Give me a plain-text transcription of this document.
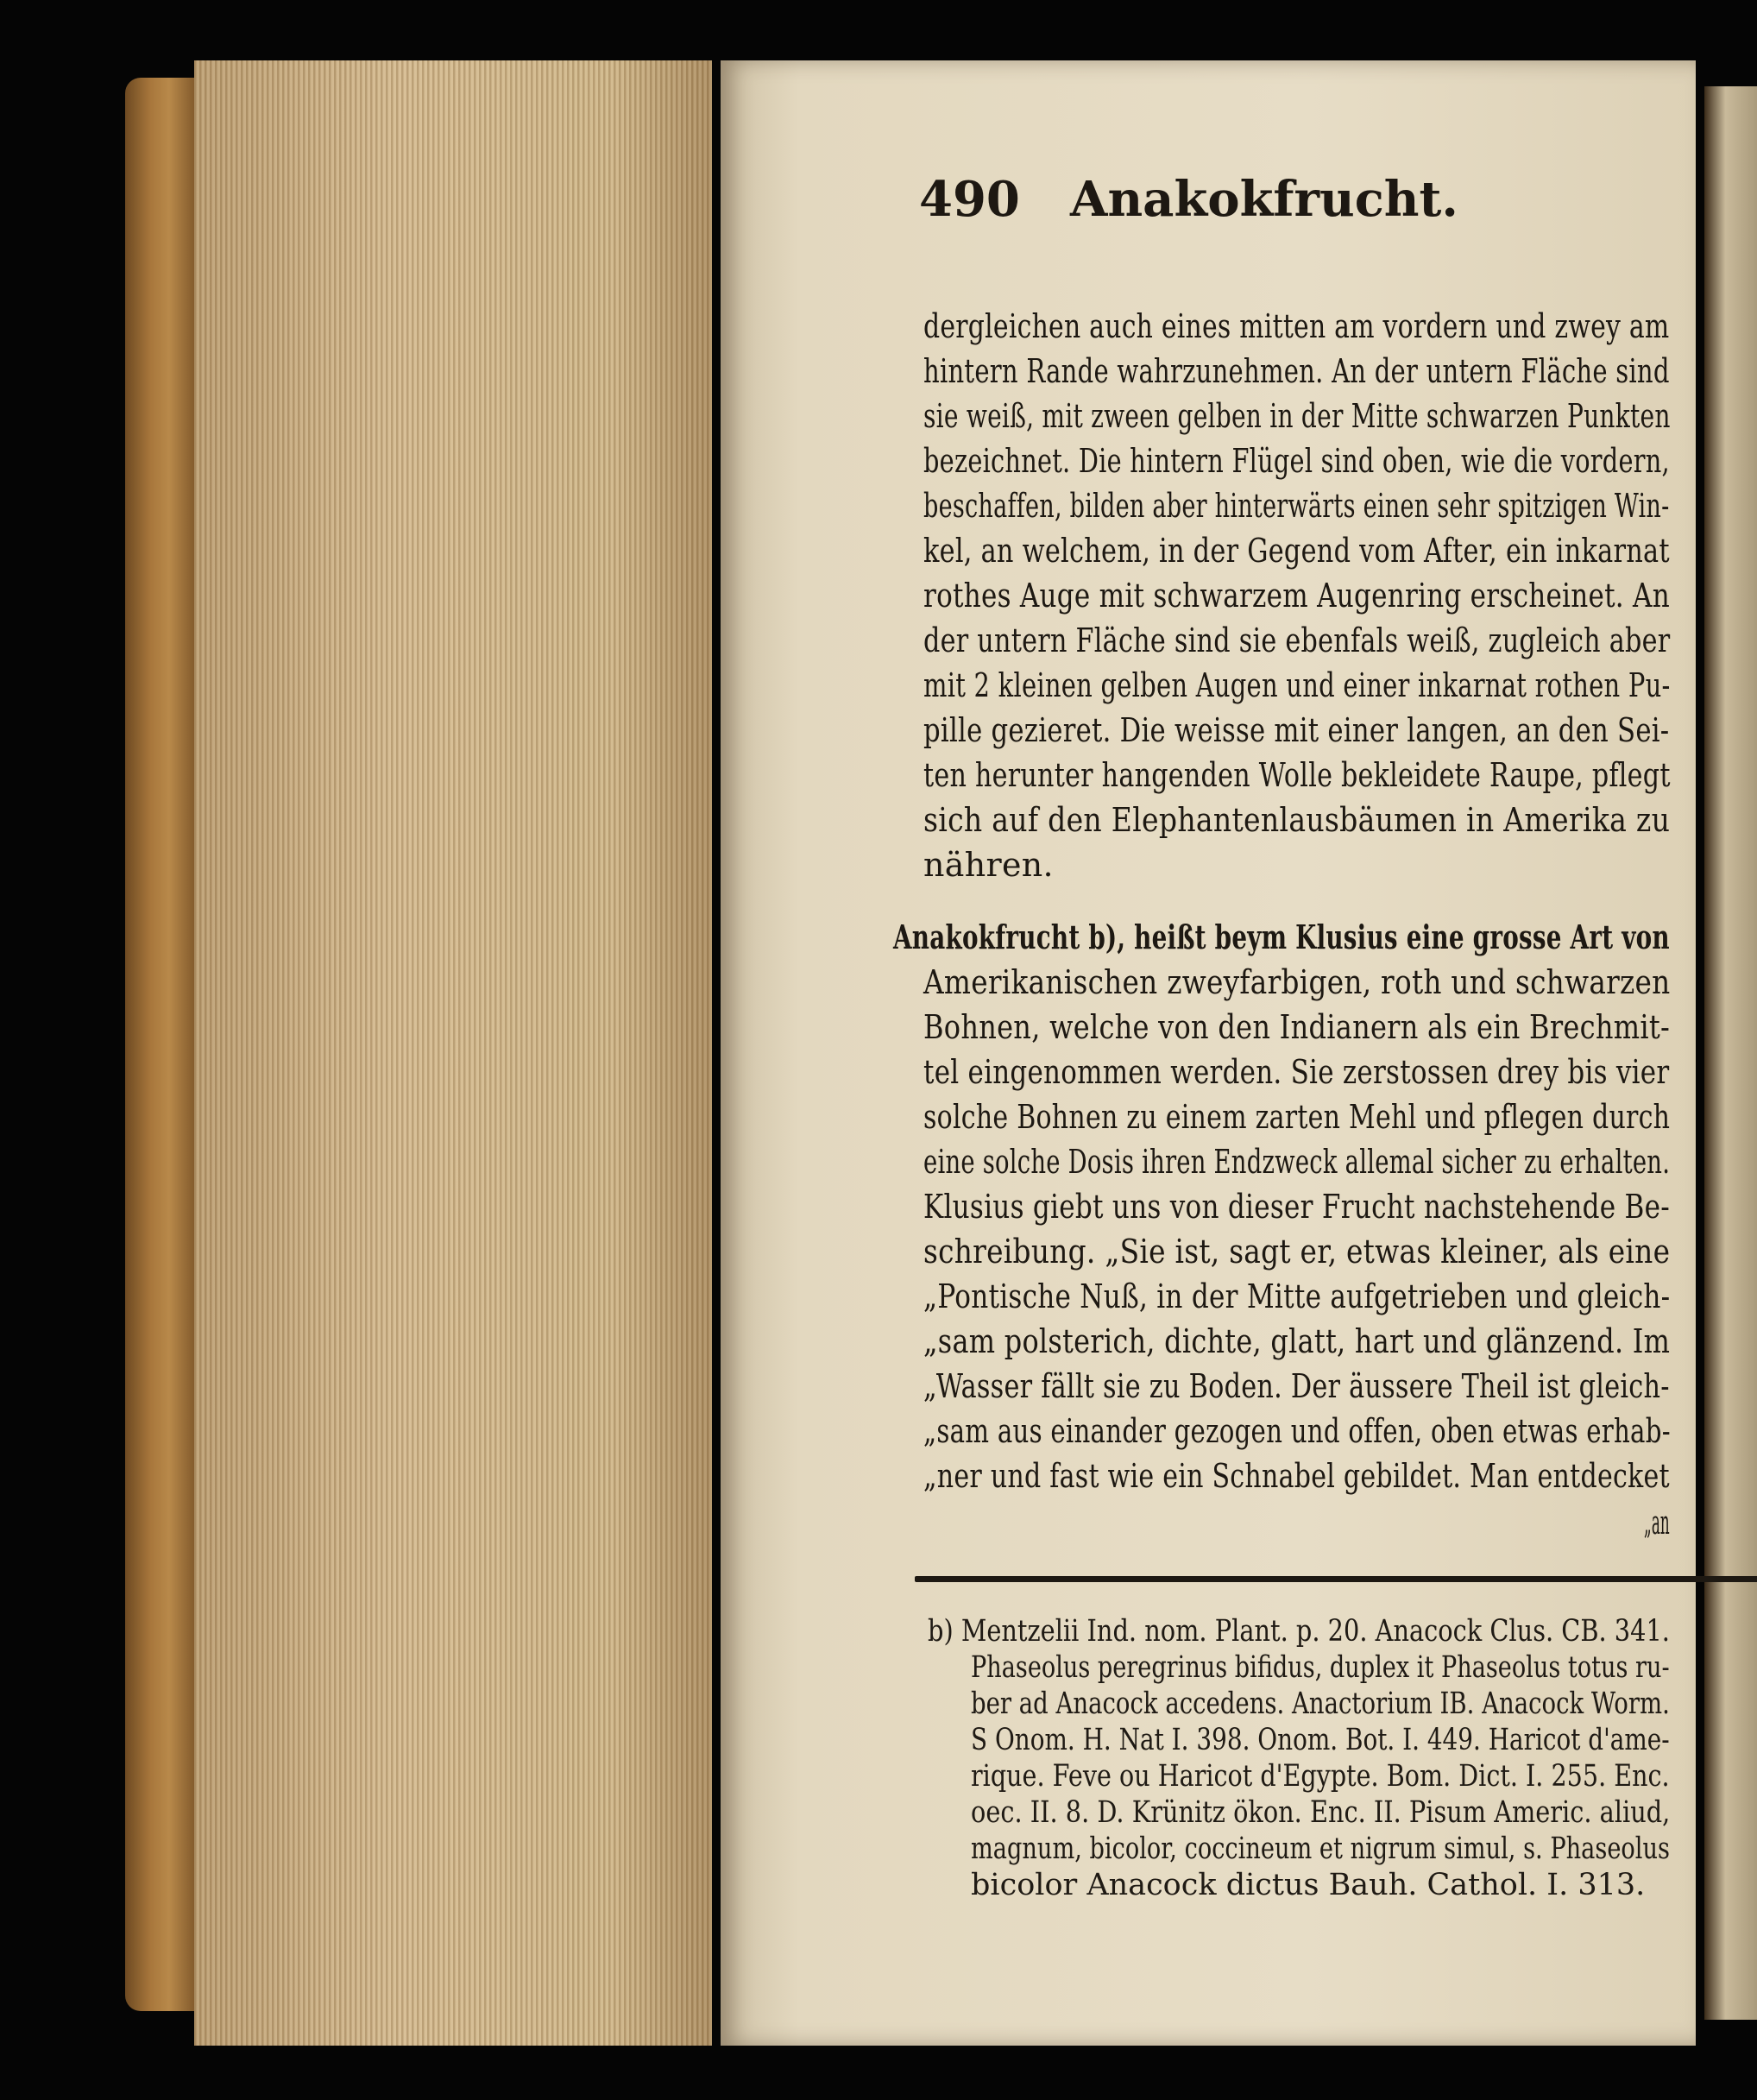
490 Anakokfrucht.
dergleichen auch eines mitten am vordern und zwey am
hintern Rande wahrzunehmen. An der untern Fläche sind
sie weiß, mit zween gelben in der Mitte schwarzen Punkten
bezeichnet. Die hintern Flügel sind oben, wie die vordern,
beschaffen, bilden aber hinterwärts einen sehr spitzigen Win-
kel, an welchem, in der Gegend vom After, ein inkarnat
rothes Auge mit schwarzem Augenring erscheinet. An
der untern Fläche sind sie ebenfals weiß, zugleich aber
mit 2 kleinen gelben Augen und einer inkarnat rothen Pu-
pille gezieret. Die weisse mit einer langen, an den Sei-
ten herunter hangenden Wolle bekleidete Raupe, pflegt
sich auf den Elephantenlausbäumen in Amerika zu
nähren.
Anakokfrucht b), heißt beym Klusius eine grosse Art von
Amerikanischen zweyfarbigen, roth und schwarzen
Bohnen, welche von den Indianern als ein Brechmit-
tel eingenommen werden. Sie zerstossen drey bis vier
solche Bohnen zu einem zarten Mehl und pflegen durch
eine solche Dosis ihren Endzweck allemal sicher zu erhalten.
Klusius giebt uns von dieser Frucht nachstehende Be-
schreibung. „Sie ist, sagt er, etwas kleiner, als eine
„Pontische Nuß, in der Mitte aufgetrieben und gleich-
„sam polsterich, dichte, glatt, hart und glänzend. Im
„Wasser fällt sie zu Boden. Der äussere Theil ist gleich-
„sam aus einander gezogen und offen, oben etwas erhab-
„ner und fast wie ein Schnabel gebildet. Man entdecket
„an
b) Mentzelii Ind. nom. Plant. p. 20. Anacock Clus. CB. 341.
Phaseolus peregrinus bifidus, duplex it Phaseolus totus ru-
ber ad Anacock accedens. Anactorium IB. Anacock Worm.
S Onom. H. Nat I. 398. Onom. Bot. I. 449. Haricot d'ame-
rique. Feve ou Haricot d'Egypte. Bom. Dict. I. 255. Enc.
oec. II. 8. D. Krünitz ökon. Enc. II. Pisum Americ. aliud,
magnum, bicolor, coccineum et nigrum simul, s. Phaseolus
bicolor Anacock dictus Bauh. Cathol. I. 313.
